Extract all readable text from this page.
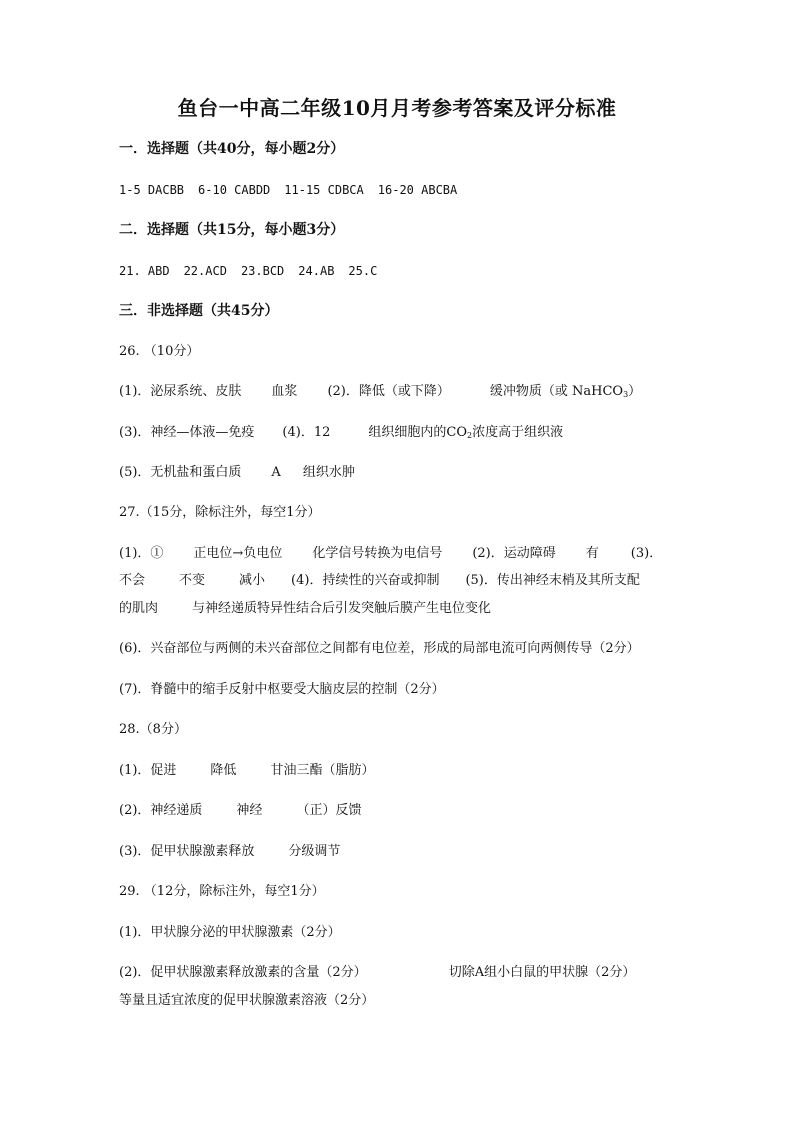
鱼台一中高二年级10月月考参考答案及评分标准
一．选择题（共40分，每小题2分）
1-5 DACBB 6-10 CABDD 11-15 CDBCA 16-20 ABCBA
二．选择题（共15分，每小题3分）
21. ABD 22.ACD 23.BCD 24.AB 25.C
三．非选择题（共45分）
26. （10分）
(1)．泌尿系统、皮肤 血浆 (2)．降低（或下降）	缓冲物质（或 NaHCO$_3$）
(3)．神经—体液—免疫 (4)．12	组织细胞内的$CO_2$浓度高于组织液
(5)．无机盐和蛋白质 A 组织水肿
27.（15分，除标注外，每空1分）
(1)．① 正电位→负电位 化学信号转换为电信号 (2)．运动障碍 有 (3)．
不会	不变	减小 (4)．持续性的兴奋或抑制 (5)．传出神经末梢及其所支配
的肌肉	与神经递质特异性结合后引发突触后膜产生电位变化
(6)．兴奋部位与两侧的未兴奋部位之间都有电位差，形成的局部电流可向两侧传导（2分）
(7)．脊髓中的缩手反射中枢要受大脑皮层的控制（2分）
28.（8分）
(1)．促进	降低	甘油三酯（脂肪）
(2)．神经递质	神经	（正）反馈
(3)．促甲状腺激素释放	分级调节
29. （12分，除标注外，每空1分）
(1)．甲状腺分泌的甲状腺激素（2分）
(2)．促甲状腺激素释放激素的含量（2分）	切除A组小白鼠的甲状腺（2分）
等量且适宜浓度的促甲状腺激素溶液（2分）
